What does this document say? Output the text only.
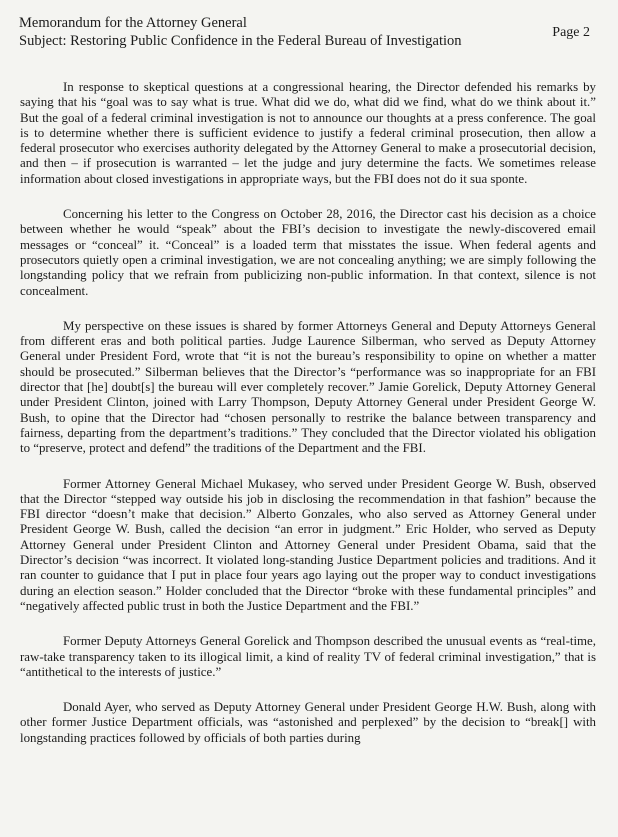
Memorandum for the Attorney General
Subject: Restoring Public Confidence in the Federal Bureau of Investigation
Page 2

In response to skeptical questions at a congressional hearing, the Director defended his remarks by saying that his “goal was to say what is true. What did we do, what did we find, what do we think about it.” But the goal of a federal criminal investigation is not to announce our thoughts at a press conference. The goal is to determine whether there is sufficient evidence to justify a federal criminal prosecution, then allow a federal prosecutor who exercises authority delegated by the Attorney General to make a prosecutorial decision, and then – if prosecution is warranted – let the judge and jury determine the facts. We sometimes release information about closed investigations in appropriate ways, but the FBI does not do it sua sponte.

Concerning his letter to the Congress on October 28, 2016, the Director cast his decision as a choice between whether he would “speak” about the FBI’s decision to investigate the newly-discovered email messages or “conceal” it. “Conceal” is a loaded term that misstates the issue. When federal agents and prosecutors quietly open a criminal investigation, we are not concealing anything; we are simply following the longstanding policy that we refrain from publicizing non-public information. In that context, silence is not concealment.

My perspective on these issues is shared by former Attorneys General and Deputy Attorneys General from different eras and both political parties. Judge Laurence Silberman, who served as Deputy Attorney General under President Ford, wrote that “it is not the bureau’s responsibility to opine on whether a matter should be prosecuted.” Silberman believes that the Director’s “performance was so inappropriate for an FBI director that [he] doubt[s] the bureau will ever completely recover.” Jamie Gorelick, Deputy Attorney General under President Clinton, joined with Larry Thompson, Deputy Attorney General under President George W. Bush, to opine that the Director had “chosen personally to restrike the balance between transparency and fairness, departing from the department’s traditions.” They concluded that the Director violated his obligation to “preserve, protect and defend” the traditions of the Department and the FBI.

Former Attorney General Michael Mukasey, who served under President George W. Bush, observed that the Director “stepped way outside his job in disclosing the recommendation in that fashion” because the FBI director “doesn’t make that decision.” Alberto Gonzales, who also served as Attorney General under President George W. Bush, called the decision “an error in judgment.” Eric Holder, who served as Deputy Attorney General under President Clinton and Attorney General under President Obama, said that the Director’s decision “was incorrect. It violated long-standing Justice Department policies and traditions. And it ran counter to guidance that I put in place four years ago laying out the proper way to conduct investigations during an election season.” Holder concluded that the Director “broke with these fundamental principles” and “negatively affected public trust in both the Justice Department and the FBI.”

Former Deputy Attorneys General Gorelick and Thompson described the unusual events as “real-time, raw-take transparency taken to its illogical limit, a kind of reality TV of federal criminal investigation,” that is “antithetical to the interests of justice.”

Donald Ayer, who served as Deputy Attorney General under President George H.W. Bush, along with other former Justice Department officials, was “astonished and perplexed” by the decision to “break[] with longstanding practices followed by officials of both parties during
